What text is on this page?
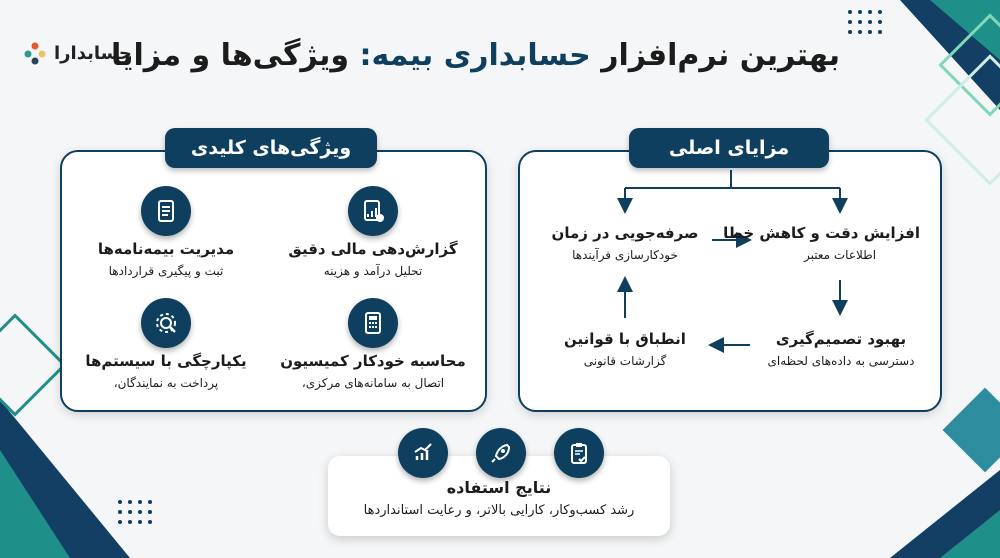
حسابدارا	بهترین نرم‌افزار حسابداری بیمه: ویژگی‌ها و مزایا
مزایای اصلی
ویژگی‌های کلیدی
افزایش دقت و کاهش خطا
اطلاعات معتبر
صرفه‌جویی در زمان
خودکارسازی فرآیندها
بهبود تصمیم‌گیری
دسترسی به داده‌های لحظه‌ای
انطباق با قوانین
گزارشات قانونی
گزارش‌دهی مالی دقیق
تحلیل درآمد و هزینه
مدیریت بیمه‌نامه‌ها
ثبت و پیگیری قراردادها
محاسبه خودکار کمیسیون
اتصال به سامانه‌های مرکزی،
یکپارچگی با سیستم‌ها
پرداخت به نمایندگان،
نتایج استفاده
رشد کسب‌وکار، کارایی بالاتر، و رعایت استانداردها
